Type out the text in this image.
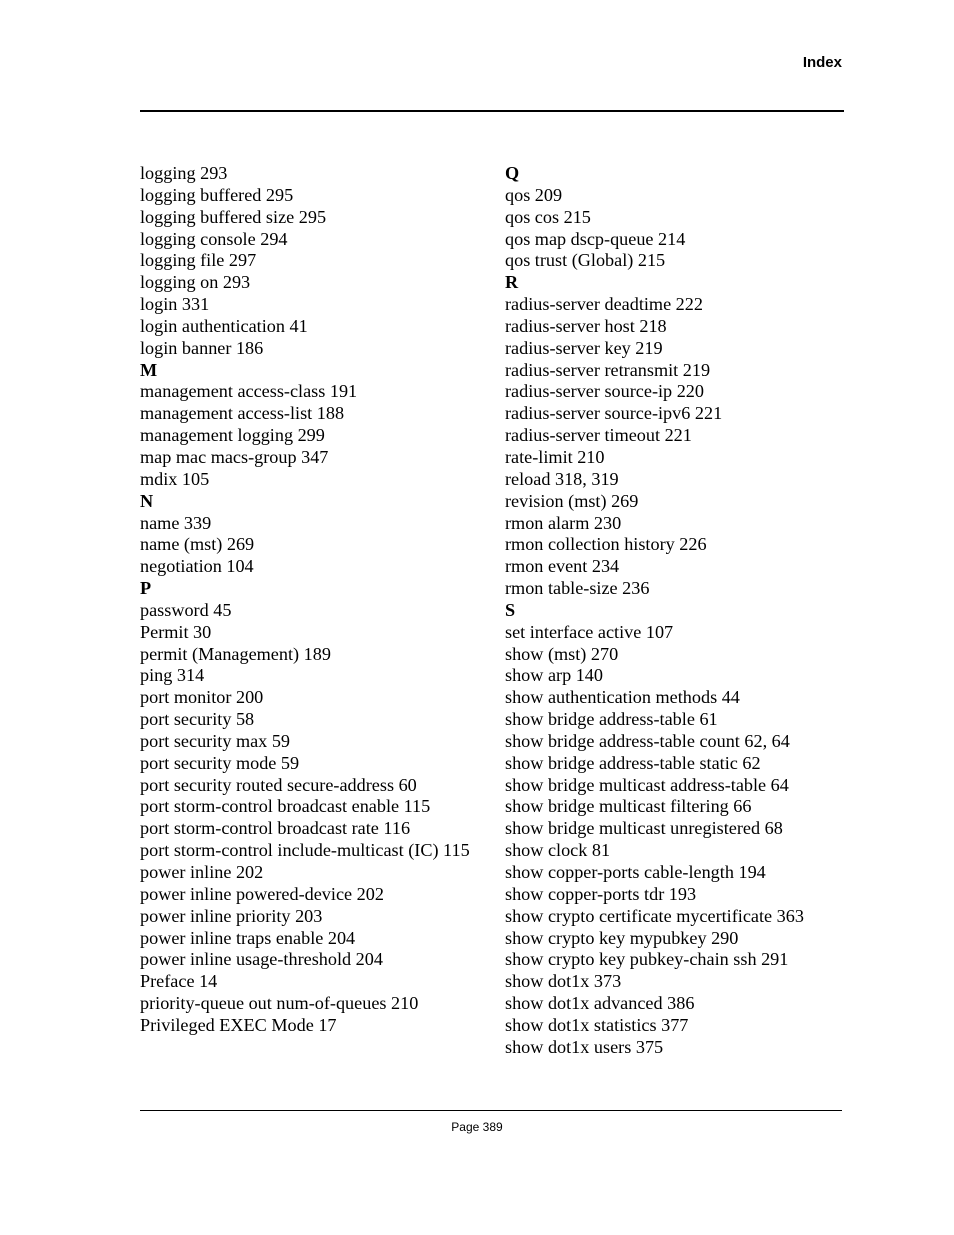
Index
logging 293
logging buffered 295
logging buffered size 295
logging console 294
logging file 297
logging on 293
login 331
login authentication 41
login banner 186
M
management access-class 191
management access-list 188
management logging 299
map mac macs-group 347
mdix 105
N
name 339
name (mst) 269
negotiation 104
P
password 45
Permit 30
permit (Management) 189
ping 314
port monitor 200
port security 58
port security max 59
port security mode 59
port security routed secure-address 60
port storm-control broadcast enable 115
port storm-control broadcast rate 116
port storm-control include-multicast (IC) 115
power inline 202
power inline powered-device 202
power inline priority 203
power inline traps enable 204
power inline usage-threshold 204
Preface 14
priority-queue out num-of-queues 210
Privileged EXEC Mode 17
Q
qos 209
qos cos 215
qos map dscp-queue 214
qos trust (Global) 215
R
radius-server deadtime 222
radius-server host 218
radius-server key 219
radius-server retransmit 219
radius-server source-ip 220
radius-server source-ipv6 221
radius-server timeout 221
rate-limit 210
reload 318, 319
revision (mst) 269
rmon alarm 230
rmon collection history 226
rmon event 234
rmon table-size 236
S
set interface active 107
show (mst) 270
show arp 140
show authentication methods 44
show bridge address-table 61
show bridge address-table count 62, 64
show bridge address-table static 62
show bridge multicast address-table 64
show bridge multicast filtering 66
show bridge multicast unregistered 68
show clock 81
show copper-ports cable-length 194
show copper-ports tdr 193
show crypto certificate mycertificate 363
show crypto key mypubkey 290
show crypto key pubkey-chain ssh 291
show dot1x 373
show dot1x advanced 386
show dot1x statistics 377
show dot1x users 375
Page 389
